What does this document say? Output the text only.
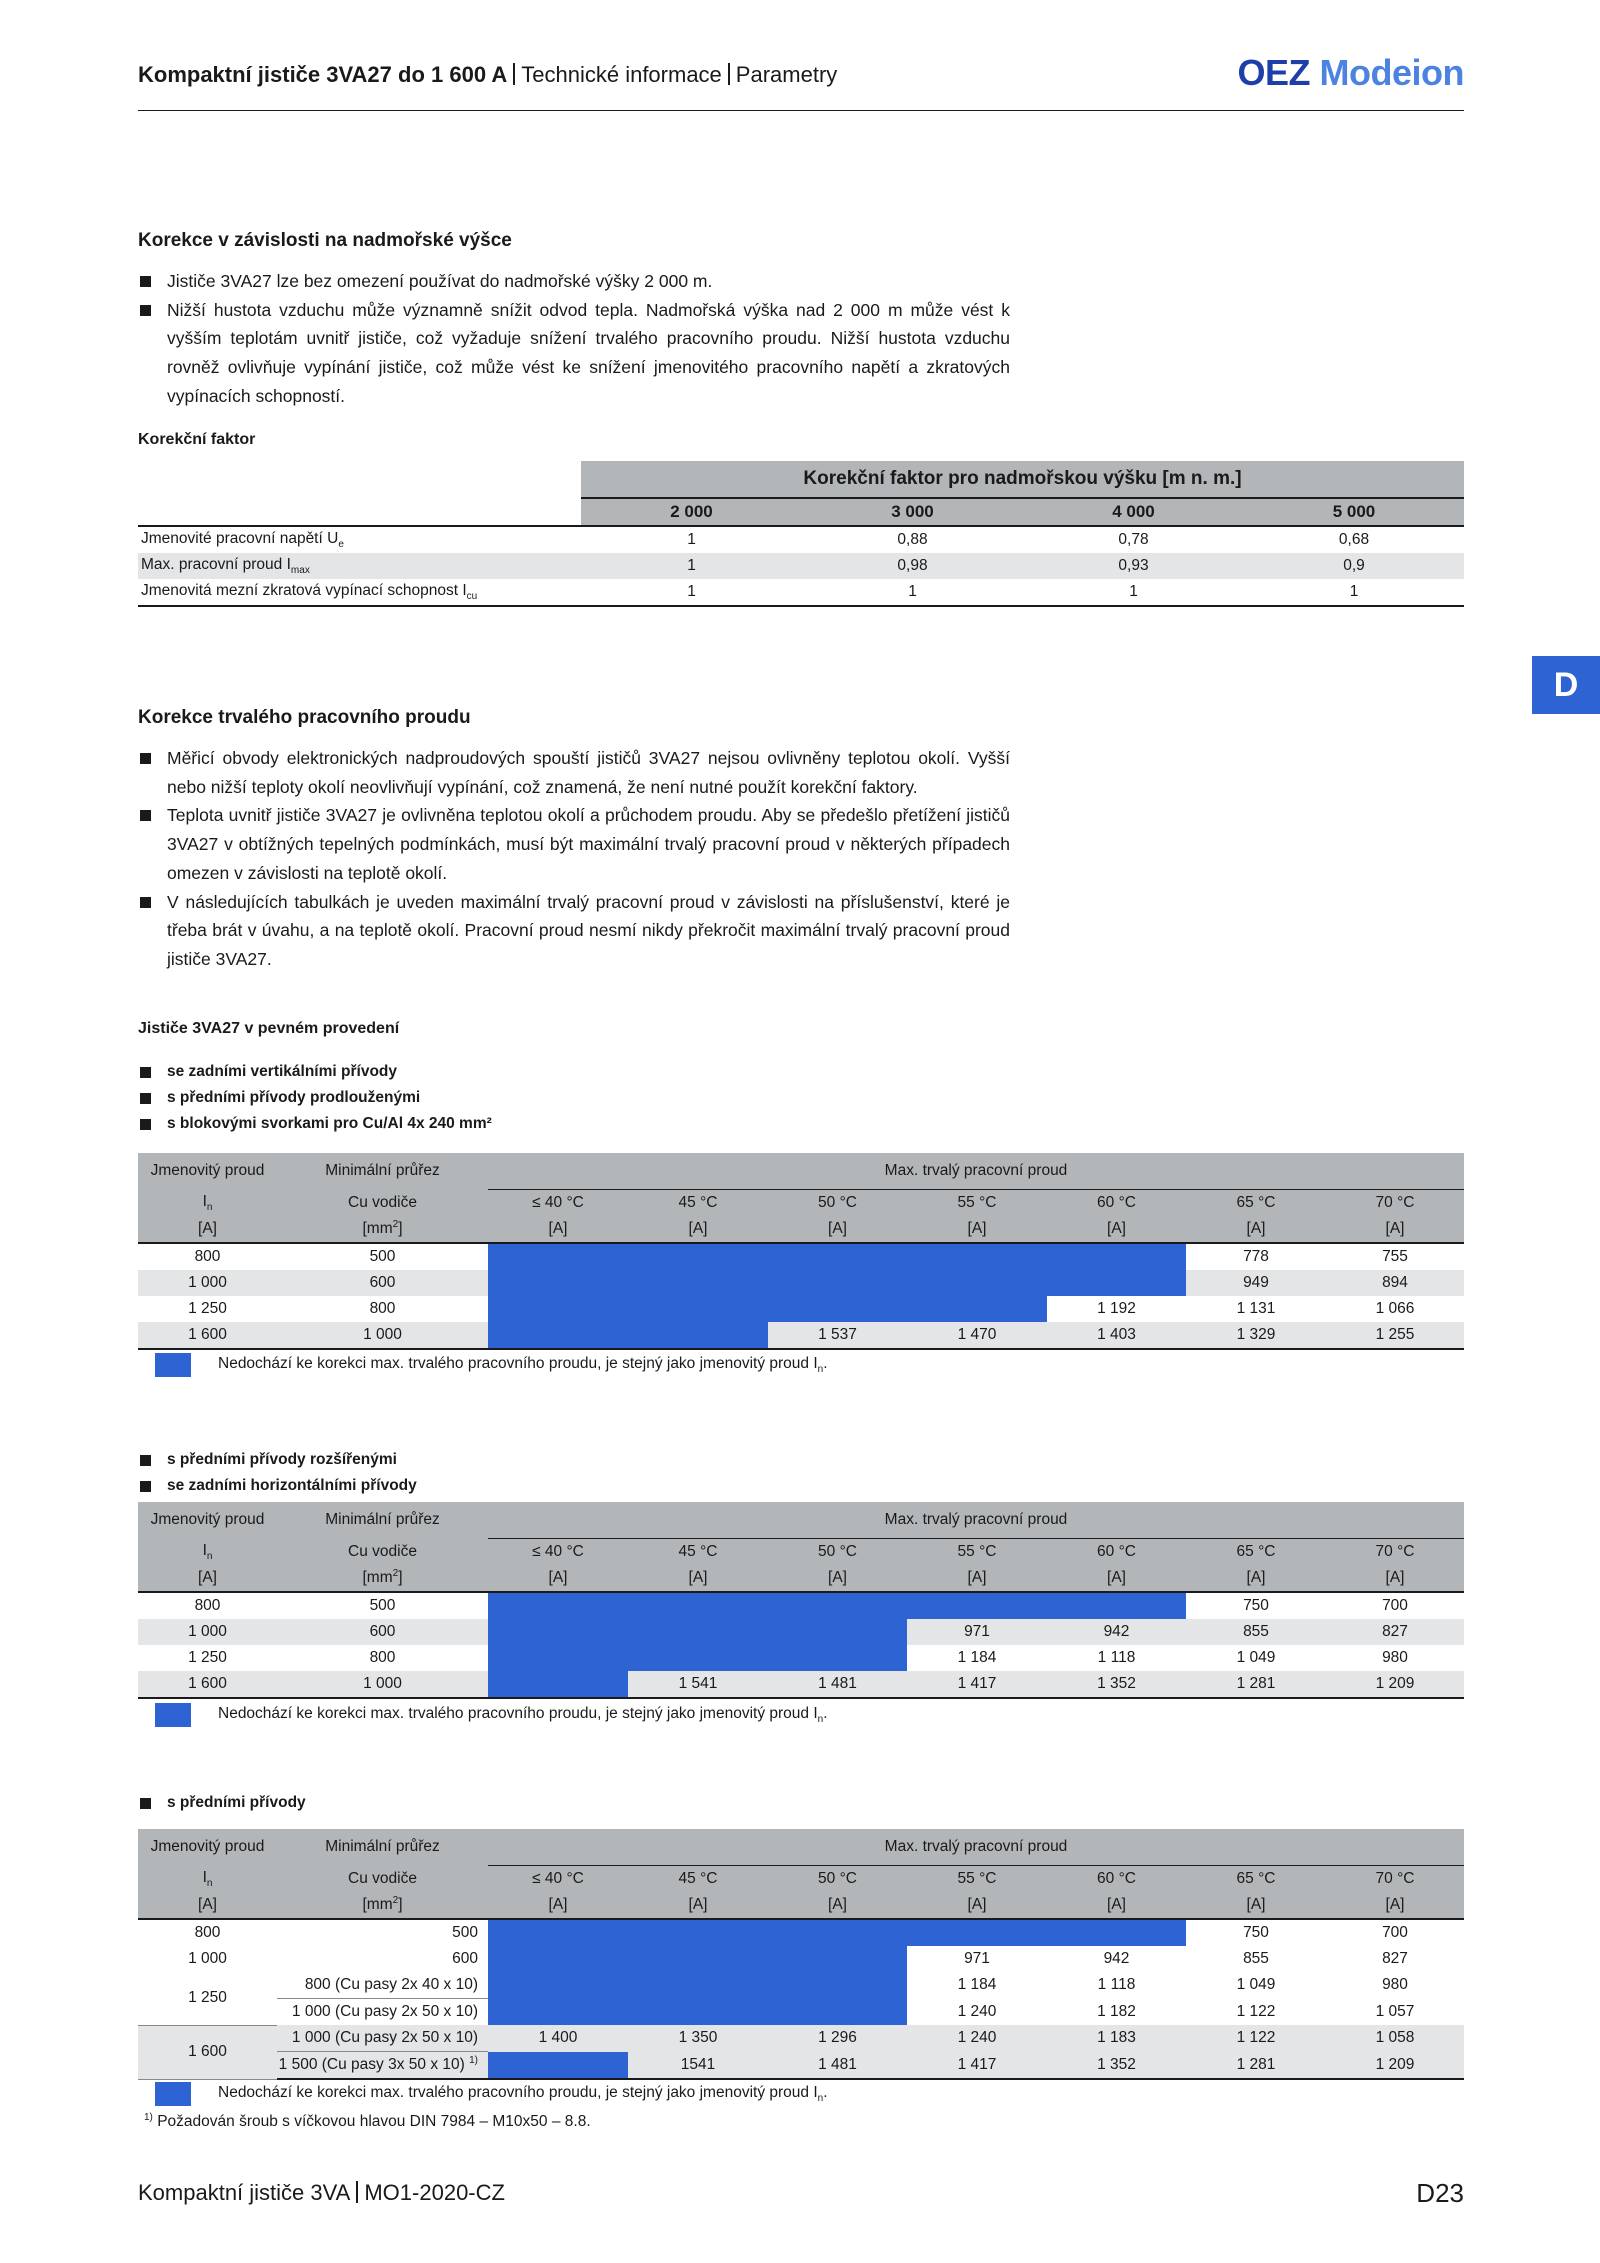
Kompaktní jističe 3VA27 do 1 600 A Technické informace Parametry	OEZ Modeion
D
Korekce v závislosti na nadmořské výšce
Jističe 3VA27 lze bez omezení používat do nadmořské výšky 2 000 m.
Nižší hustota vzduchu může významně snížit odvod tepla. Nadmořská výška nad 2 000 m může vést k vyšším teplotám uvnitř jističe, což vyžaduje snížení trvalého pracovního proudu. Nižší hustota vzduchu rovněž ovlivňuje vypínání jističe, což může vést ke snížení jmenovitého pracovního napětí a zkratových vypínacích schopností.
Korekční faktor
	Korekční faktor pro nadmořskou výšku [m n. m.]			
	2 000	3 000	4 000	5 000
Jmenovité pracovní napětí $U_e$	1	0,88	0,78	0,68
Max. pracovní proud $I_{max}$	1	0,98	0,93	0,9
Jmenovitá mezní zkratová vypínací schopnost $I_{cu}$	1	1	1	1
Korekce trvalého pracovního proudu
Měřicí obvody elektronických nadproudových spouští jističů 3VA27 nejsou ovlivněny teplotou okolí. Vyšší nebo nižší teploty okolí neovlivňují vypínání, což znamená, že není nutné použít korekční faktory.
Teplota uvnitř jističe 3VA27 je ovlivněna teplotou okolí a průchodem proudu. Aby se předešlo přetížení jističů 3VA27 v obtížných tepelných podmínkách, musí být maximální trvalý pracovní proud v některých případech omezen v závislosti na teplotě okolí.
V následujících tabulkách je uveden maximální trvalý pracovní proud v závislosti na příslušenství, které je třeba brát v úvahu, a na teplotě okolí. Pracovní proud nesmí nikdy překročit maximální trvalý pracovní proud jističe 3VA27.
Jističe 3VA27 v pevném provedení
se zadními vertikálními přívody
s předními přívody prodlouženými
s blokovými svorkami pro Cu/Al 4x 240 mm²
s předními přívody rozšířenými
se zadními horizontálními přívody
s předními přívody
$^{1)}$ Požadován šroub s víčkovou hlavou DIN 7984 – M10x50 – 8.8.
Kompaktní jističe 3VA MO1-2020-CZ	D23
Jmenovitý proud	Minimální průřez	Max. trvalý pracovní proud						
$I_n$	Cu vodiče	≤ 40 °C	45 °C	50 °C	55 °C	60 °C	65 °C	70 °C
[A]	$[mm^2]$	[A]	[A]	[A]	[A]	[A]	[A]	[A]
800	500						778	755
1 000	600						949	894
1 250	800					1 192	1 131	1 066
1 600	1 000			1 537	1 470	1 403	1 329	1 255
Nedochází ke korekci max. trvalého pracovního proudu, je stejný jako jmenovitý proud $I_n$.
Jmenovitý proud	Minimální průřez	Max. trvalý pracovní proud						
$I_n$	Cu vodiče	≤ 40 °C	45 °C	50 °C	55 °C	60 °C	65 °C	70 °C
[A]	$[mm^2]$	[A]	[A]	[A]	[A]	[A]	[A]	[A]
800	500						750	700
1 000	600				971	942	855	827
1 250	800				1 184	1 118	1 049	980
1 600	1 000		1 541	1 481	1 417	1 352	1 281	1 209
Nedochází ke korekci max. trvalého pracovního proudu, je stejný jako jmenovitý proud $I_n$.
Jmenovitý proud	Minimální průřez	Max. trvalý pracovní proud						
$I_n$	Cu vodiče	≤ 40 °C	45 °C	50 °C	55 °C	60 °C	65 °C	70 °C
[A]	$[mm^2]$	[A]	[A]	[A]	[A]	[A]	[A]	[A]
800	500						750	700
1 000	600				971	942	855	827
1 250	800 (Cu pasy 2x 40 x 10)				1 184	1 118	1 049	980
	1 000 (Cu pasy 2x 50 x 10)				1 240	1 182	1 122	1 057
1 600	1 000 (Cu pasy 2x 50 x 10)	1 400	1 350	1 296	1 240	1 183	1 122	1 058
	1 500 (Cu pasy 3x 50 x 10) $^{1)}$		1541	1 481	1 417	1 352	1 281	1 209
Nedochází ke korekci max. trvalého pracovního proudu, je stejný jako jmenovitý proud $I_n$.
